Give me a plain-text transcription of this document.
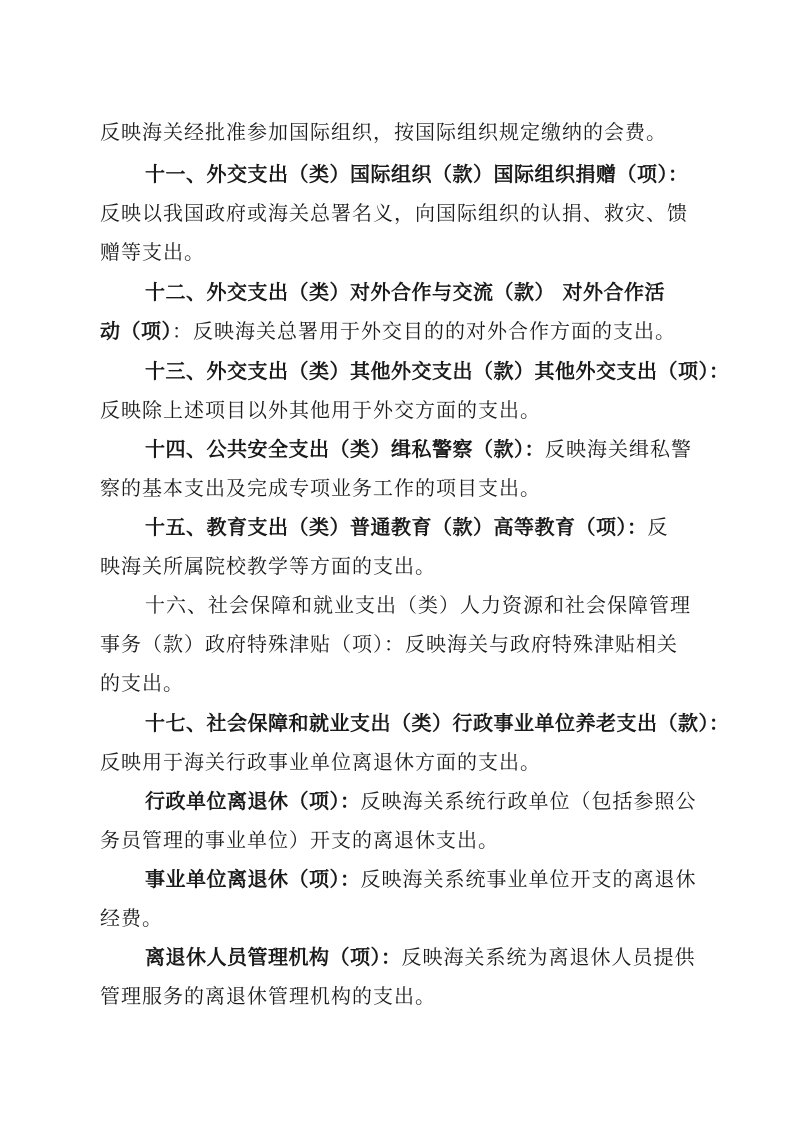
反映海关经批准参加国际组织，按国际组织规定缴纳的会费。
十一、外交支出（类）国际组织（款）国际组织捐赠（项）：
反映以我国政府或海关总署名义，向国际组织的认捐、救灾、馈
赠等支出。
十二、外交支出（类）对外合作与交流（款） 对外合作活
动（项）：反映海关总署用于外交目的的对外合作方面的支出。
十三、外交支出（类）其他外交支出（款）其他外交支出（项）：
反映除上述项目以外其他用于外交方面的支出。
十四、公共安全支出（类）缉私警察（款）：反映海关缉私警
察的基本支出及完成专项业务工作的项目支出。
十五、教育支出（类）普通教育（款）高等教育（项）：反
映海关所属院校教学等方面的支出。
十六、社会保障和就业支出（类）人力资源和社会保障管理
事务（款）政府特殊津贴（项）：反映海关与政府特殊津贴相关
的支出。
十七、社会保障和就业支出（类）行政事业单位养老支出（款）：
反映用于海关行政事业单位离退休方面的支出。
行政单位离退休（项）：反映海关系统行政单位（包括参照公
务员管理的事业单位）开支的离退休支出。
事业单位离退休（项）：反映海关系统事业单位开支的离退休
经费。
离退休人员管理机构（项）：反映海关系统为离退休人员提供
管理服务的离退休管理机构的支出。
